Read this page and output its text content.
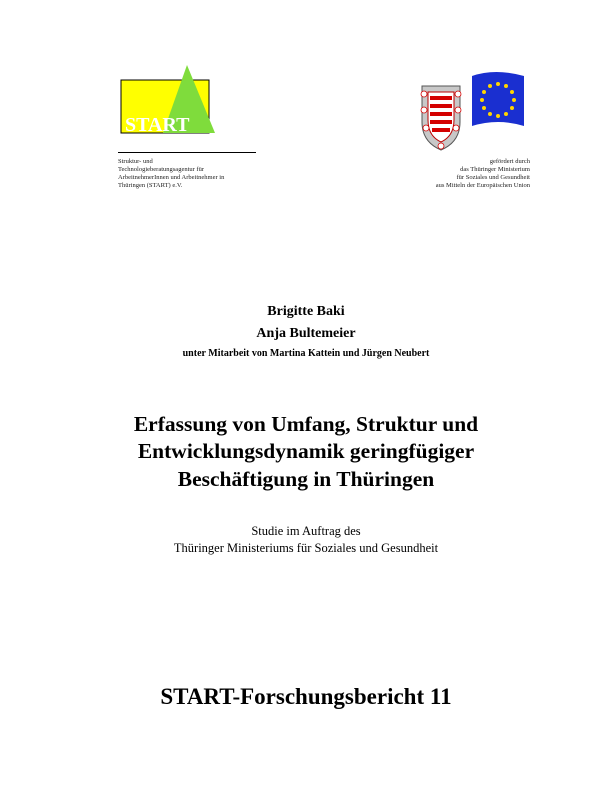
START
Struktur- und
Technologieberatungsagentur für
ArbeitnehmerInnen und Arbeitnehmer in
Thüringen (START) e.V.
gefördert durch
das Thüringer Ministerium
für Soziales und Gesundheit
aus Mitteln der Europäischen Union
Brigitte Baki
Anja Bultemeier
unter Mitarbeit von Martina Kattein und Jürgen Neubert
Erfassung von Umfang, Struktur und
Entwicklungsdynamik geringfügiger
Beschäftigung in Thüringen
Studie im Auftrag des
Thüringer Ministeriums für Soziales und Gesundheit
START-Forschungsbericht 11
